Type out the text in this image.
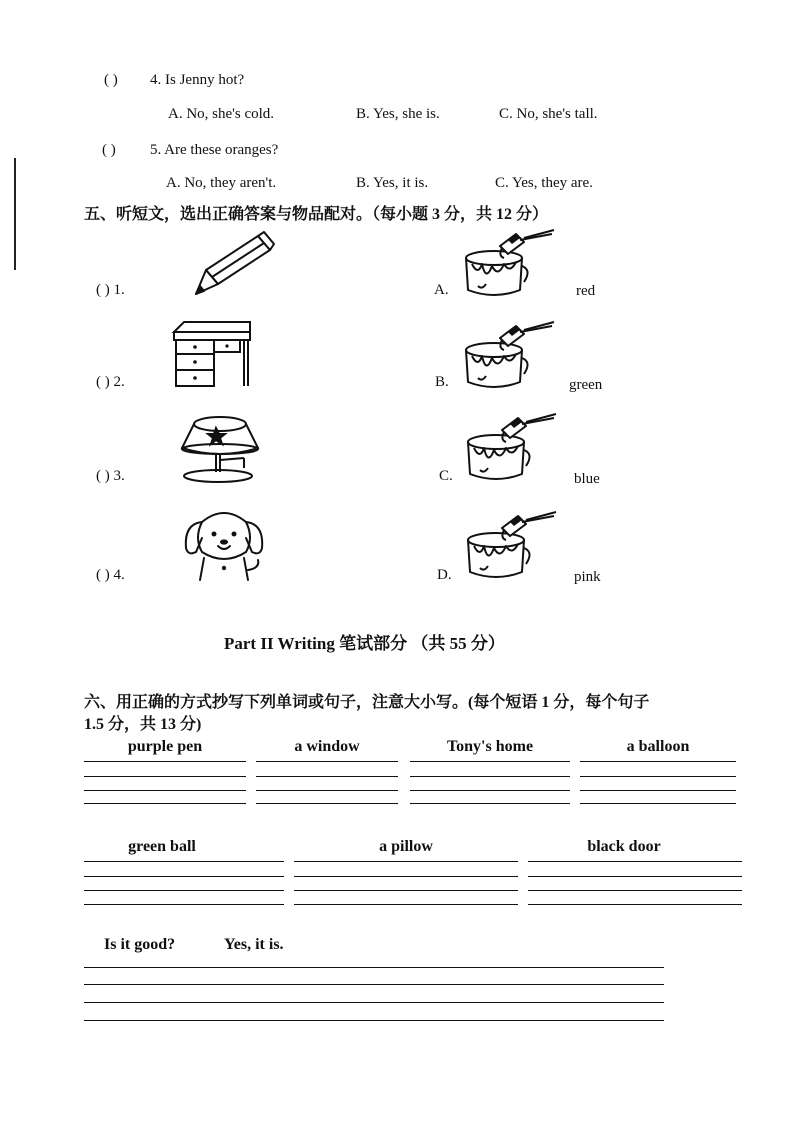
( ) 4. Is Jenny hot?
A. No, she's cold.	B. Yes, she is.	C. No, she's tall.
( ) 5. Are these oranges?
A. No, they aren't.	B. Yes, it is.	C. Yes, they are.
五、听短文，选出正确答案与物品配对。（每小题 3 分，共 12 分）
( ) 1.
( ) 2.
( ) 3.
( ) 4.
A.
B.
C.
D.
red
green
blue
pink
Part II Writing 笔试部分 （共 55 分）
六、用正确的方式抄写下列单词或句子，注意大小写。(每个短语 1 分，每个句子
1.5 分，共 13 分)
purple pen	a window	Tony's home	a balloon
green ball	a pillow	black door
Is it good?	Yes, it is.
